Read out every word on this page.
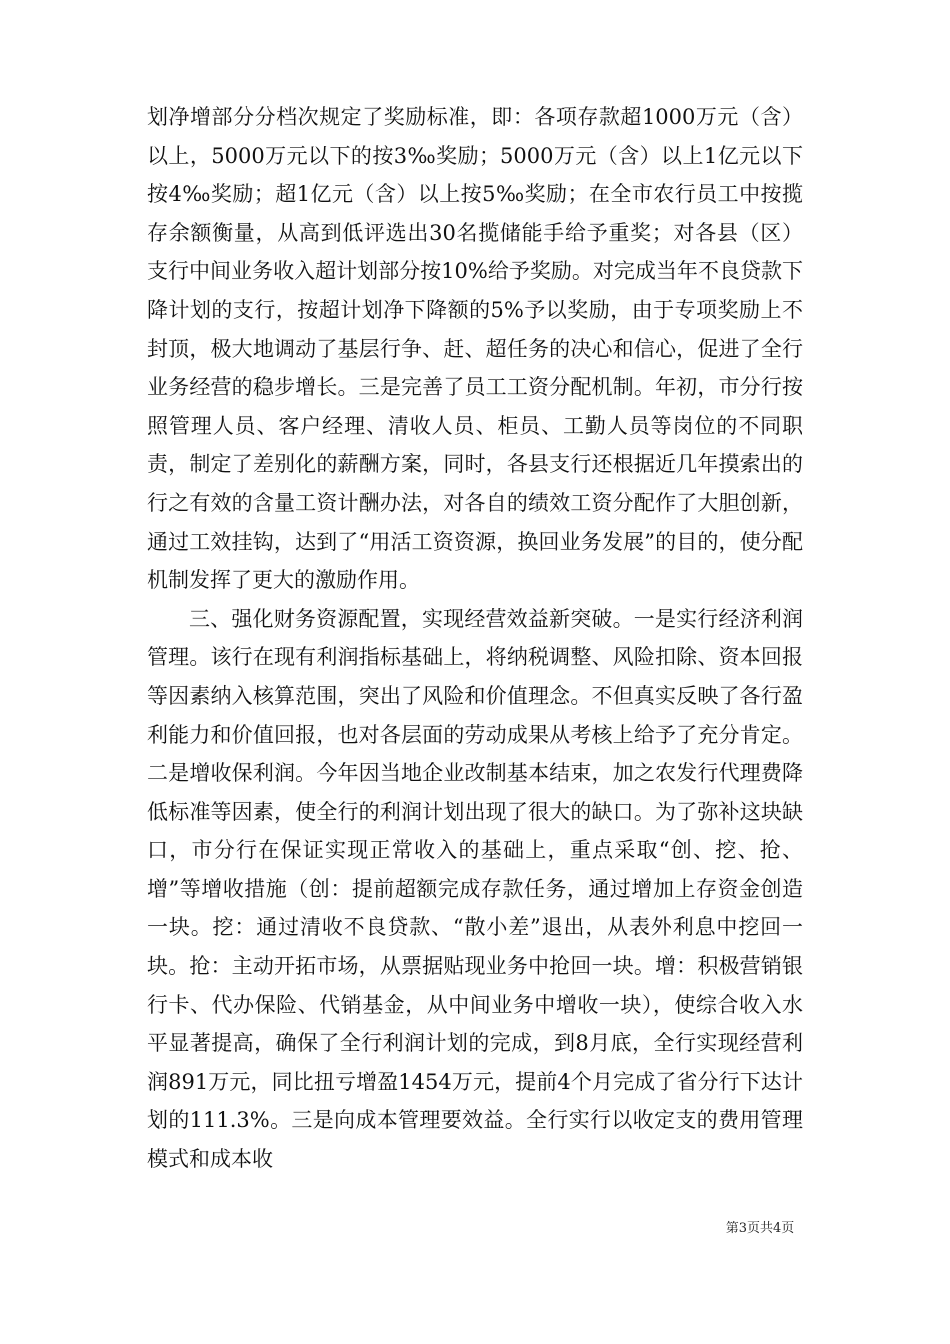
划净增部分分档次规定了奖励标准，即：各项存款超1000万元（含）以上，5000万元以下的按3‰奖励；5000万元（含）以上1亿元以下按4‰奖励；超1亿元（含）以上按5‰奖励；在全市农行员工中按揽存余额衡量，从高到低评选出30名揽储能手给予重奖；对各县（区）支行中间业务收入超计划部分按10%给予奖励。对完成当年不良贷款下降计划的支行，按超计划净下降额的5%予以奖励，由于专项奖励上不封顶，极大地调动了基层行争、赶、超任务的决心和信心，促进了全行业务经营的稳步增长。三是完善了员工工资分配机制。年初，市分行按照管理人员、客户经理、清收人员、柜员、工勤人员等岗位的不同职责，制定了差别化的薪酬方案，同时，各县支行还根据近几年摸索出的行之有效的含量工资计酬办法，对各自的绩效工资分配作了大胆创新，通过工效挂钩，达到了“用活工资资源，换回业务发展”的目的，使分配机制发挥了更大的激励作用。

三、强化财务资源配置，实现经营效益新突破。一是实行经济利润管理。该行在现有利润指标基础上，将纳税调整、风险扣除、资本回报等因素纳入核算范围，突出了风险和价值理念。不但真实反映了各行盈利能力和价值回报，也对各层面的劳动成果从考核上给予了充分肯定。二是增收保利润。今年因当地企业改制基本结束，加之农发行代理费降低标准等因素，使全行的利润计划出现了很大的缺口。为了弥补这块缺口，市分行在保证实现正常收入的基础上，重点采取“创、挖、抢、增”等增收措施（创：提前超额完成存款任务，通过增加上存资金创造一块。挖：通过清收不良贷款、“散小差”退出，从表外利息中挖回一块。抢：主动开拓市场，从票据贴现业务中抢回一块。增：积极营销银行卡、代办保险、代销基金，从中间业务中增收一块），使综合收入水平显著提高，确保了全行利润计划的完成，到8月底，全行实现经营利润891万元，同比扭亏增盈1454万元，提前4个月完成了省分行下达计划的111.3%。三是向成本管理要效益。全行实行以收定支的费用管理模式和成本收

第3页共4页
